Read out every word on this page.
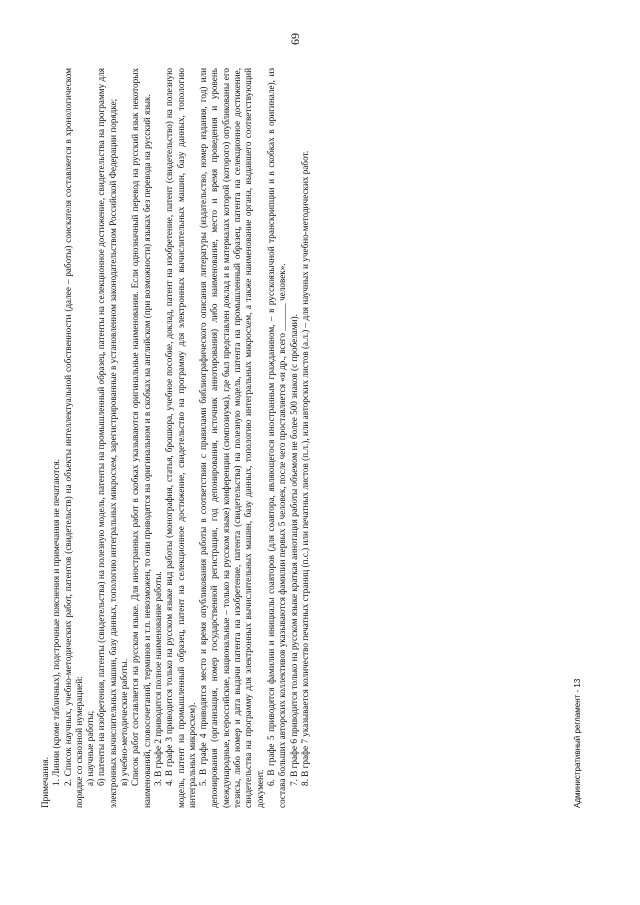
69

Примечания. 1. Линии (кроме табличных), подстрочные пояснения и примечания не печатаются. 2. Список научных, учебно-методических работ, патентов (свидетельств) на объекты интеллектуальной собственности (далее – работы) соискателя составляется в хронологическом порядке со сквозной нумерацией: а) научные работы; б) патенты на изобретения, патенты (свидетельства) на полезную модель, патенты на промышленный образец, патенты на селекционное достижение, свидетельства на программу для электронных вычислительных машин, базу данных, топологию интегральных микросхем, зарегистрированные в установленном законодательством Российской Федерации порядке; в) учебно-методические работы. Список работ составляется на русском языке. Для иностранных работ в скобках указываются оригинальные наименования. Если однозначный перевод на русский язык некоторых наименований, словосочетаний, терминов и т.п. невозможен, то они приводятся на оригинальном и в скобках на английском (при возможности) языках без перевода на русский язык. 3. В графе 2 приводится полное наименование работы. 4. В графе 3 приводится только на русском языке вид работы (монография, статья, брошюра, учебное пособие, доклад, патент на изобретение, патент (свидетельство) на полезную модель, патент на промышленный образец, патент на селекционное достижение, свидетельство на программу для электронных вычислительных машин, базу данных, топологию интегральных микросхем). 5. В графе 4 приводятся место и время опубликования работы в соответствии с правилами библиографического описания литературы (издательство, номер издания, год) или депонирования (организация, номер государственной регистрации, год депонирования, источник аннотирования) либо наименование, место и время проведения и уровень (международные, всероссийские, национальные – только на русском языке) конференции (симпозиума), где был представлен доклад и в материалах которой (которого) опубликованы его тезисы, либо номер и дата выдачи патента на изобретение, патента (свидетельства) на полезную модель, патента на промышленный образец, патента на селекционное достижение, свидетельства на программу для электронных вычислительных машин, базу данных, топологию интегральных микросхем, а также наименование органа, выдавшего соответствующий документ.

6. В графе 5 приводятся фамилии и инициалы соавторов (для соавтора, являющегося иностранным гражданином, – в русскоязычной транскрипции и в скобках в оригинале), из состава больших авторских коллективов указываются фамилии первых 5 человек, после чего проставляется «и др., всего ______ человек». 7. В графе 6 приводится только на русском языке краткая аннотация работы объемом не более 500 знаков (с пробелами). 8. В графе 7 указывается количество печатных страниц (п.с.) или печатных листов (п.л.), или авторских листов (а.л.) – для научных и учебно-методических работ.	Административный регламент - 13
